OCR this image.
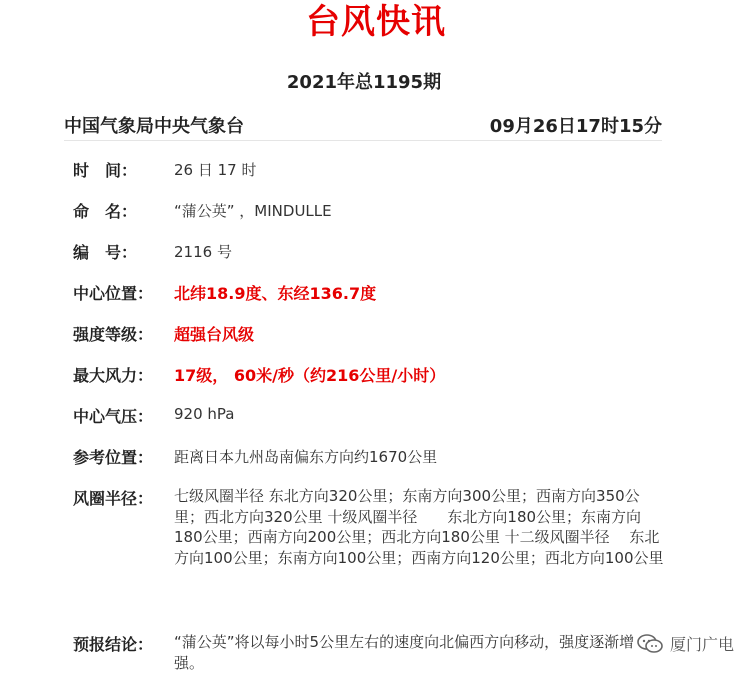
台风快讯
2021年总1195期
中国气象局中央气象台	09月26日17时15分
时　间： 26 日 17 时
命　名： “蒲公英” ，MINDULLE
编　号： 2116 号
中心位置： 北纬18.9度、东经136.7度
强度等级： 超强台风级
最大风力： 17级， 60米/秒（约216公里/小时）
中心气压： 920 hPa
参考位置： 距离日本九州岛南偏东方向约1670公里
风圈半径： 七级风圈半径 东北方向320公里；东南方向300公里；西南方向350公里；西北方向320公里 十级风圈半径　　东北方向180公里；东南方向180公里；西南方向200公里；西北方向180公里 十二级风圈半径　 东北方向100公里；东南方向100公里；西南方向120公里；西北方向100公里
预报结论： “蒲公英”将以每小时5公里左右的速度向北偏西方向移动，强度逐渐增强。
厦门广电
